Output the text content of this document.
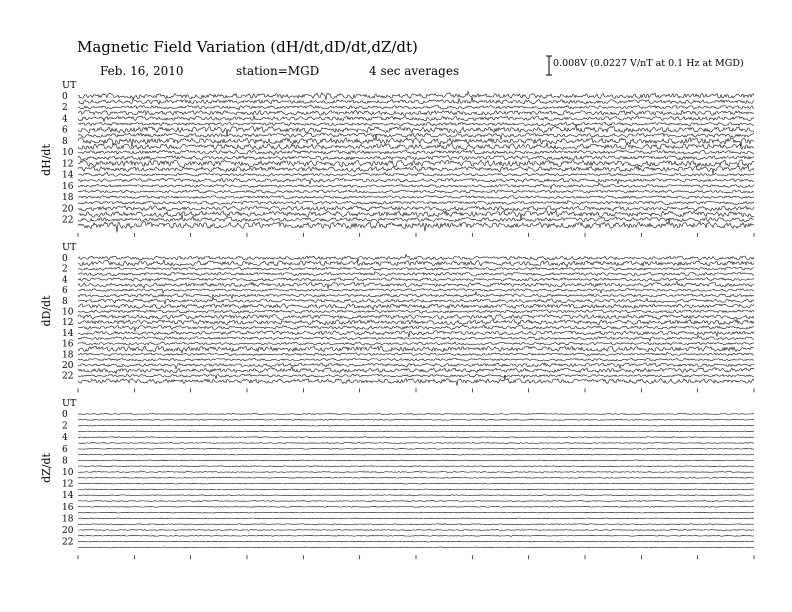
Magnetic Field Variation (dH/dt,dD/dt,dZ/dt)
Feb. 16, 2010	station=MGD	4 sec averages
0.008V (0.0227 V/nT at 0.1 Hz at MGD)
UT
dH/dt
0
2
4
6
8
10
12
14
16
18
20
22
UT
dD/dt
0
2
4
6
8
10
12
14
16
18
20
22
UT
dZ/dt
0
2
4
6
8
10
12
14
16
18
20
22
